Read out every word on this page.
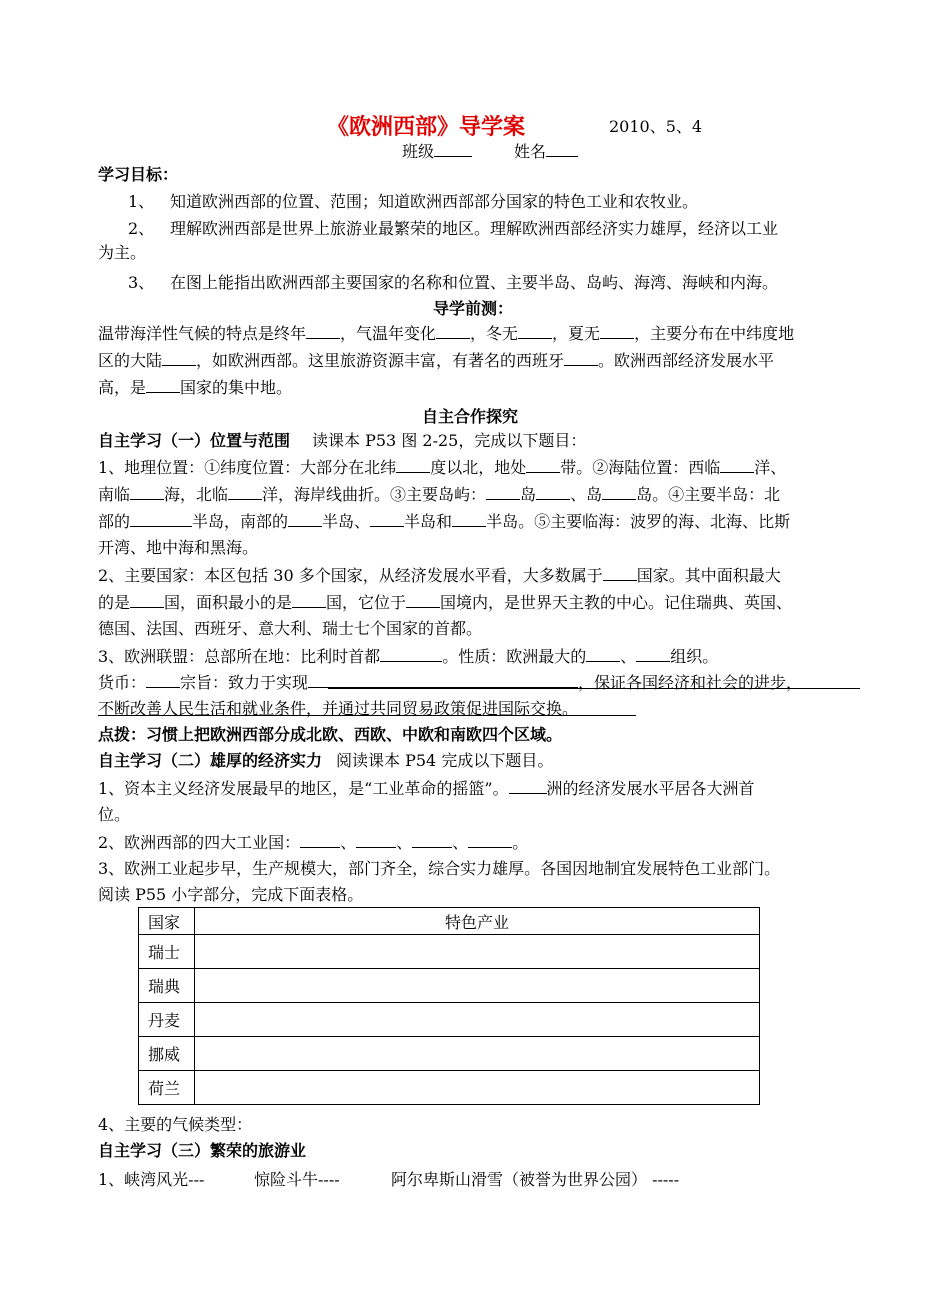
《欧洲西部》导学案	2010、5、4
班级	姓名
学习目标：
1、 知道欧洲西部的位置、范围；知道欧洲西部部分国家的特色工业和农牧业。
2、 理解欧洲西部是世界上旅游业最繁荣的地区。理解欧洲西部经济实力雄厚，经济以工业
为主。
3、 在图上能指出欧洲西部主要国家的名称和位置、主要半岛、岛屿、海湾、海峡和内海。
导学前测：
温带海洋性气候的特点是终年 ，气温年变化 ，冬无 ，夏无 ，主要分布在中纬度地
区的大陆 ，如欧洲西部。这里旅游资源丰富，有著名的西班牙 。欧洲西部经济发展水平
高，是 国家的集中地。
自主合作探究
自主学习（一）位置与范围 读课本 P53 图 2-25，完成以下题目：
1、地理位置：①纬度位置：大部分在北纬 度以北，地处 带。②海陆位置：西临 洋、
南临 海，北临 洋，海岸线曲折。③主要岛屿： 岛 、岛 岛。④主要半岛：北
部的	半岛，南部的 半岛、 半岛和 半岛。⑤主要临海：波罗的海、北海、比斯
开湾、地中海和黑海。
2、主要国家：本区包括 30 多个国家，从经济发展水平看，大多数属于 国家。其中面积最大
的是 国，面积最小的是 国，它位于 国境内，是世界天主教的中心。记住瑞典、英国、
德国、法国、西班牙、意大利、瑞士七个国家的首都。
3、欧洲联盟：总部所在地：比利时首都	。性质：欧洲最大的 、 组织。
货币： 宗旨：致力于实现	，保证各国经济和社会的进步，
不断改善人民生活和就业条件，并通过共同贸易政策促进国际交换。
点拨：习惯上把欧洲西部分成北欧、西欧、中欧和南欧四个区域。
自主学习（二）雄厚的经济实力 阅读课本 P54 完成以下题目。
1、资本主义经济发展最早的地区，是“工业革命的摇篮”。 洲的经济发展水平居各大洲首
位。
2、欧洲西部的四大工业国：	、	、	、	。
3、欧洲工业起步早，生产规模大，部门齐全，综合实力雄厚。各国因地制宜发展特色工业部门。
阅读 P55 小字部分，完成下面表格。
国家	特色产业
瑞士	
瑞典	
丹麦	
挪威	
荷兰	
4、主要的气候类型：
自主学习（三）繁荣的旅游业
1、峡湾风光---	惊险斗牛----	阿尔卑斯山滑雪（被誉为世界公园） -----
